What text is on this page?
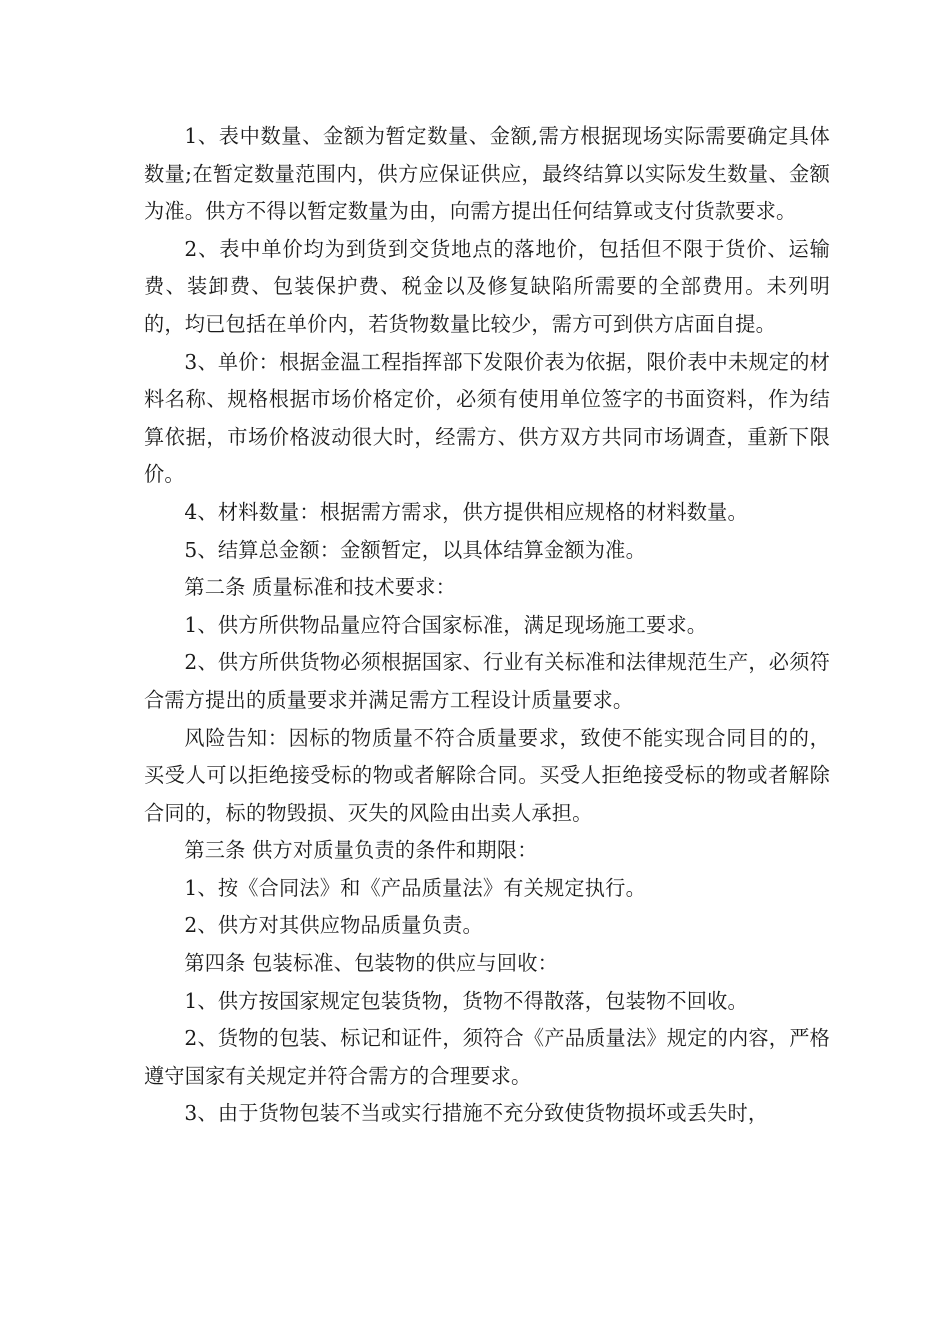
1、表中数量、金额为暂定数量、金额,需方根据现场实际需要确定具体数量;在暂定数量范围内，供方应保证供应，最终结算以实际发生数量、金额为准。供方不得以暂定数量为由，向需方提出任何结算或支付货款要求。

2、表中单价均为到货到交货地点的落地价，包括但不限于货价、运输费、装卸费、包装保护费、税金以及修复缺陷所需要的全部费用。未列明的，均已包括在单价内，若货物数量比较少，需方可到供方店面自提。

3、单价：根据金温工程指挥部下发限价表为依据，限价表中未规定的材料名称、规格根据市场价格定价，必须有使用单位签字的书面资料，作为结算依据，市场价格波动很大时，经需方、供方双方共同市场调查，重新下限价。

4、材料数量：根据需方需求，供方提供相应规格的材料数量。

5、结算总金额：金额暂定，以具体结算金额为准。

第二条 质量标准和技术要求：

1、供方所供物品量应符合国家标准，满足现场施工要求。

2、供方所供货物必须根据国家、行业有关标准和法律规范生产，必须符合需方提出的质量要求并满足需方工程设计质量要求。

风险告知：因标的物质量不符合质量要求，致使不能实现合同目的的，买受人可以拒绝接受标的物或者解除合同。买受人拒绝接受标的物或者解除合同的，标的物毁损、灭失的风险由出卖人承担。

第三条 供方对质量负责的条件和期限：

1、按《合同法》和《产品质量法》有关规定执行。

2、供方对其供应物品质量负责。

第四条 包装标准、包装物的供应与回收：

1、供方按国家规定包装货物，货物不得散落，包装物不回收。

2、货物的包装、标记和证件，须符合《产品质量法》规定的内容，严格遵守国家有关规定并符合需方的合理要求。

3、由于货物包装不当或实行措施不充分致使货物损坏或丢失时，
